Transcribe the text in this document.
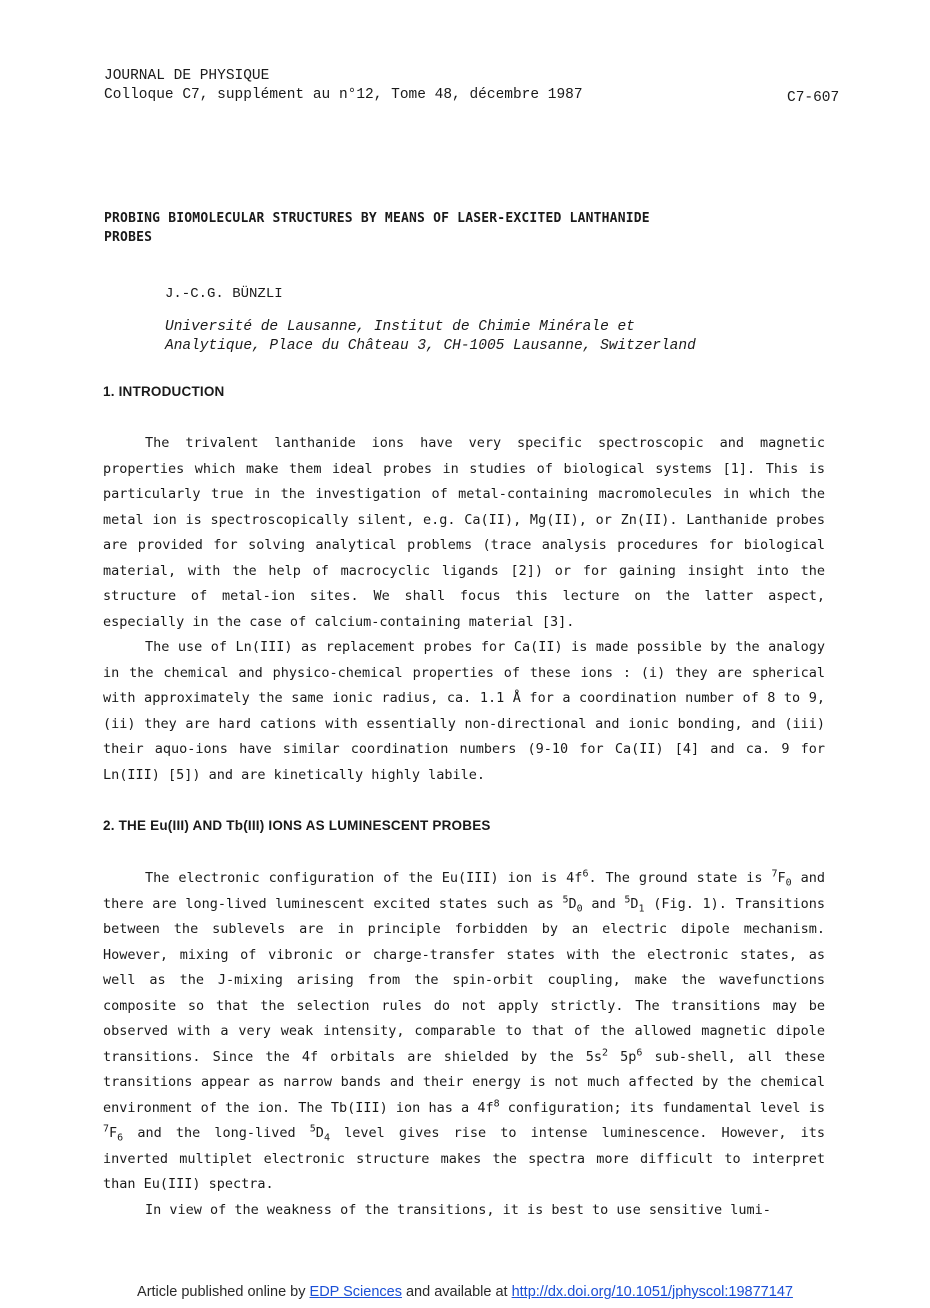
JOURNAL DE PHYSIQUE
Colloque C7, supplément au n°12, Tome 48, décembre 1987	C7-607
PROBING BIOMOLECULAR STRUCTURES BY MEANS OF LASER-EXCITED LANTHANIDE
PROBES
J.-C.G. BÜNZLI
Université de Lausanne, Institut de Chimie Minérale et
Analytique, Place du Château 3, CH-1005 Lausanne, Switzerland
1. INTRODUCTION

The trivalent lanthanide ions have very specific spectroscopic and magnetic properties which make them ideal probes in studies of biological systems [1]. This is particularly true in the investigation of metal-containing macromolecules in which the metal ion is spectroscopically silent, e.g. Ca(II), Mg(II), or Zn(II). Lanthanide probes are provided for solving analytical problems (trace analysis procedures for biological material, with the help of macrocyclic ligands [2]) or for gaining insight into the structure of metal-ion sites. We shall focus this lecture on the latter aspect, especially in the case of calcium-containing material [3].

The use of Ln(III) as replacement probes for Ca(II) is made possible by the analogy in the chemical and physico-chemical properties of these ions : (i) they are spherical with approximately the same ionic radius, ca. 1.1 Å for a coordination number of 8 to 9, (ii) they are hard cations with essentially non-directional and ionic bonding, and (iii) their aquo-ions have similar coordination numbers (9-10 for Ca(II) [4] and ca. 9 for Ln(III) [5]) and are kinetically highly labile.

2. THE Eu(III) AND Tb(III) IONS AS LUMINESCENT PROBES

The electronic configuration of the Eu(III) ion is $4f^6$. The ground state is $^7F_0$ and there are long-lived luminescent excited states such as $^5D_0$ and $^5D_1$ (Fig. 1). Transitions between the sublevels are in principle forbidden by an electric dipole mechanism. However, mixing of vibronic or charge-transfer states with the electronic states, as well as the J-mixing arising from the spin-orbit coupling, make the wavefunctions composite so that the selection rules do not apply strictly. The transitions may be observed with a very weak intensity, comparable to that of the allowed magnetic dipole transitions. Since the 4f orbitals are shielded by the $5s^2$ $5p^6$ sub-shell, all these transitions appear as narrow bands and their energy is not much affected by the chemical environment of the ion. The Tb(III) ion has a $4f^8$ configuration; its fundamental level is $^7F_6$ and the long-lived $^5D_4$ level gives rise to intense luminescence. However, its inverted multiplet electronic structure makes the spectra more difficult to interpret than Eu(III) spectra.

In view of the weakness of the transitions, it is best to use sensitive lumi-

Article published online by EDP Sciences and available at http://dx.doi.org/10.1051/jphyscol:19877147
